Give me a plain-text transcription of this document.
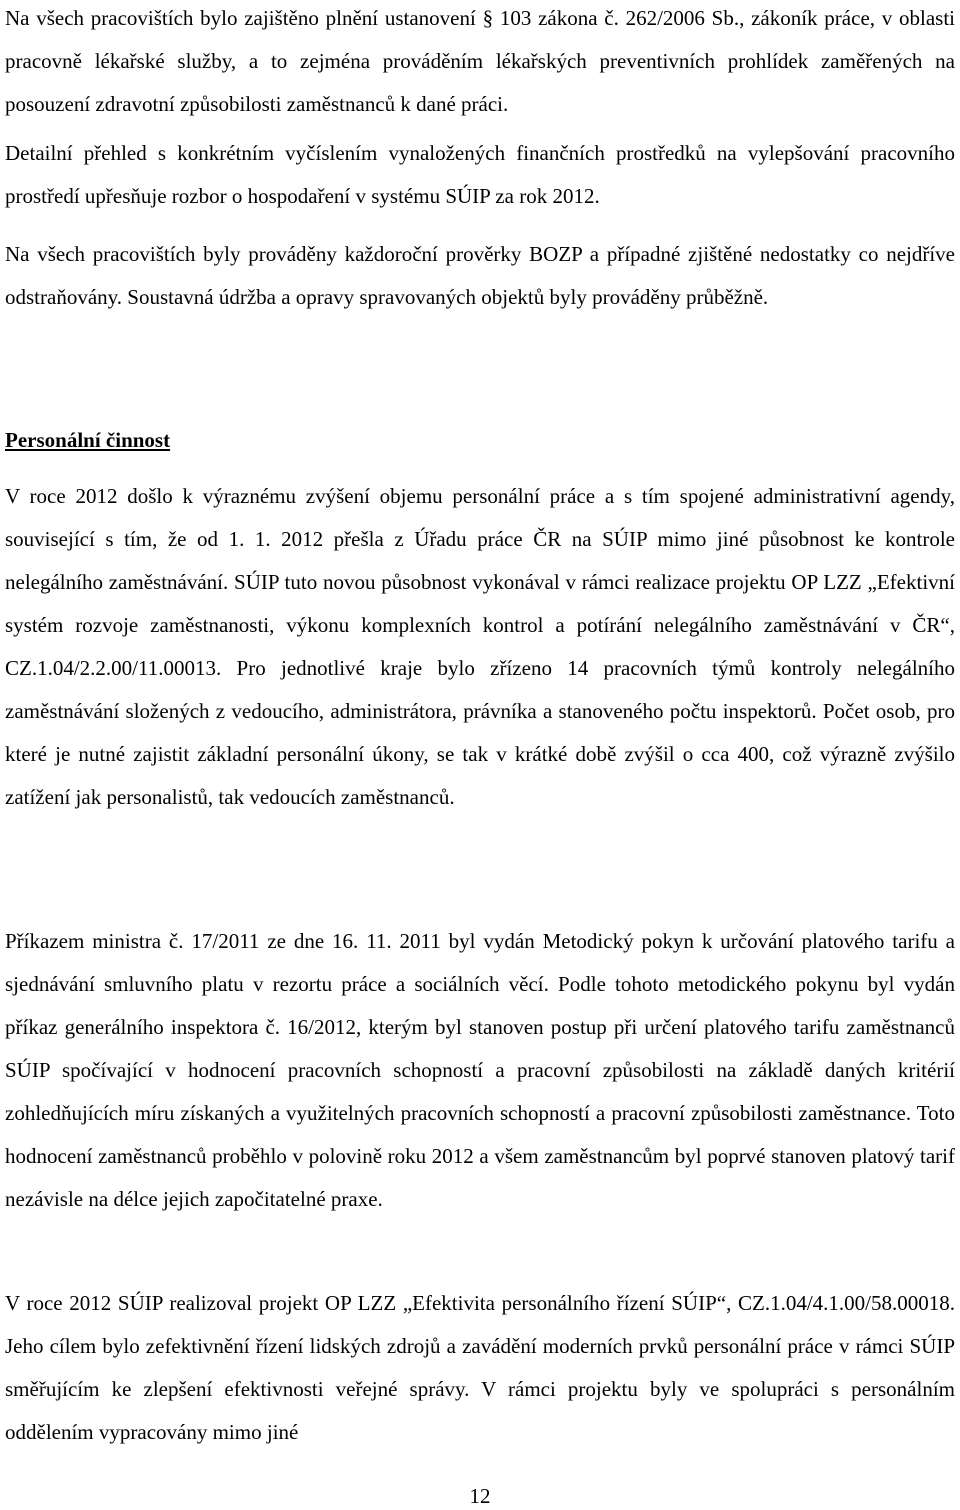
Na všech pracovištích bylo zajištěno plnění ustanovení § 103 zákona č. 262/2006 Sb., zákoník práce, v oblasti pracovně lékařské služby, a to zejména prováděním lékařských preventivních prohlídek zaměřených na posouzení zdravotní způsobilosti zaměstnanců k dané práci.

Detailní přehled s konkrétním vyčíslením vynaložených finančních prostředků na vylepšování pracovního prostředí upřesňuje rozbor o hospodaření v systému SÚIP za rok 2012.

Na všech pracovištích byly prováděny každoroční prověrky BOZP a případné zjištěné nedostatky co nejdříve odstraňovány. Soustavná údržba a opravy spravovaných objektů byly prováděny průběžně.

Personální činnost

V roce 2012 došlo k výraznému zvýšení objemu personální práce a s tím spojené administrativní agendy, související s tím, že od 1. 1. 2012 přešla z Úřadu práce ČR na SÚIP mimo jiné působnost ke kontrole nelegálního zaměstnávání. SÚIP tuto novou působnost vykonával v rámci realizace projektu OP LZZ „Efektivní systém rozvoje zaměstnanosti, výkonu komplexních kontrol a potírání nelegálního zaměstnávání v ČR“, CZ.1.04/2.2.00/11.00013. Pro jednotlivé kraje bylo zřízeno 14 pracovních týmů kontroly nelegálního zaměstnávání složených z vedoucího, administrátora, právníka a stanoveného počtu inspektorů. Počet osob, pro které je nutné zajistit základní personální úkony, se tak v krátké době zvýšil o cca 400, což výrazně zvýšilo zatížení jak personalistů, tak vedoucích zaměstnanců.

Příkazem ministra č. 17/2011 ze dne 16. 11. 2011 byl vydán Metodický pokyn k určování platového tarifu a sjednávání smluvního platu v rezortu práce a sociálních věcí. Podle tohoto metodického pokynu byl vydán příkaz generálního inspektora č. 16/2012, kterým byl stanoven postup při určení platového tarifu zaměstnanců SÚIP spočívající v hodnocení pracovních schopností a pracovní způsobilosti na základě daných kritérií zohledňujících míru získaných a využitelných pracovních schopností a pracovní způsobilosti zaměstnance. Toto hodnocení zaměstnanců proběhlo v polovině roku 2012 a všem zaměstnancům byl poprvé stanoven platový tarif nezávisle na délce jejich započitatelné praxe.

V roce 2012 SÚIP realizoval projekt OP LZZ „Efektivita personálního řízení SÚIP“, CZ.1.04/4.1.00/58.00018. Jeho cílem bylo zefektivnění řízení lidských zdrojů a zavádění moderních prvků personální práce v rámci SÚIP směřujícím ke zlepšení efektivnosti veřejné správy. V rámci projektu byly ve spolupráci s personálním oddělením vypracovány mimo jiné

12
